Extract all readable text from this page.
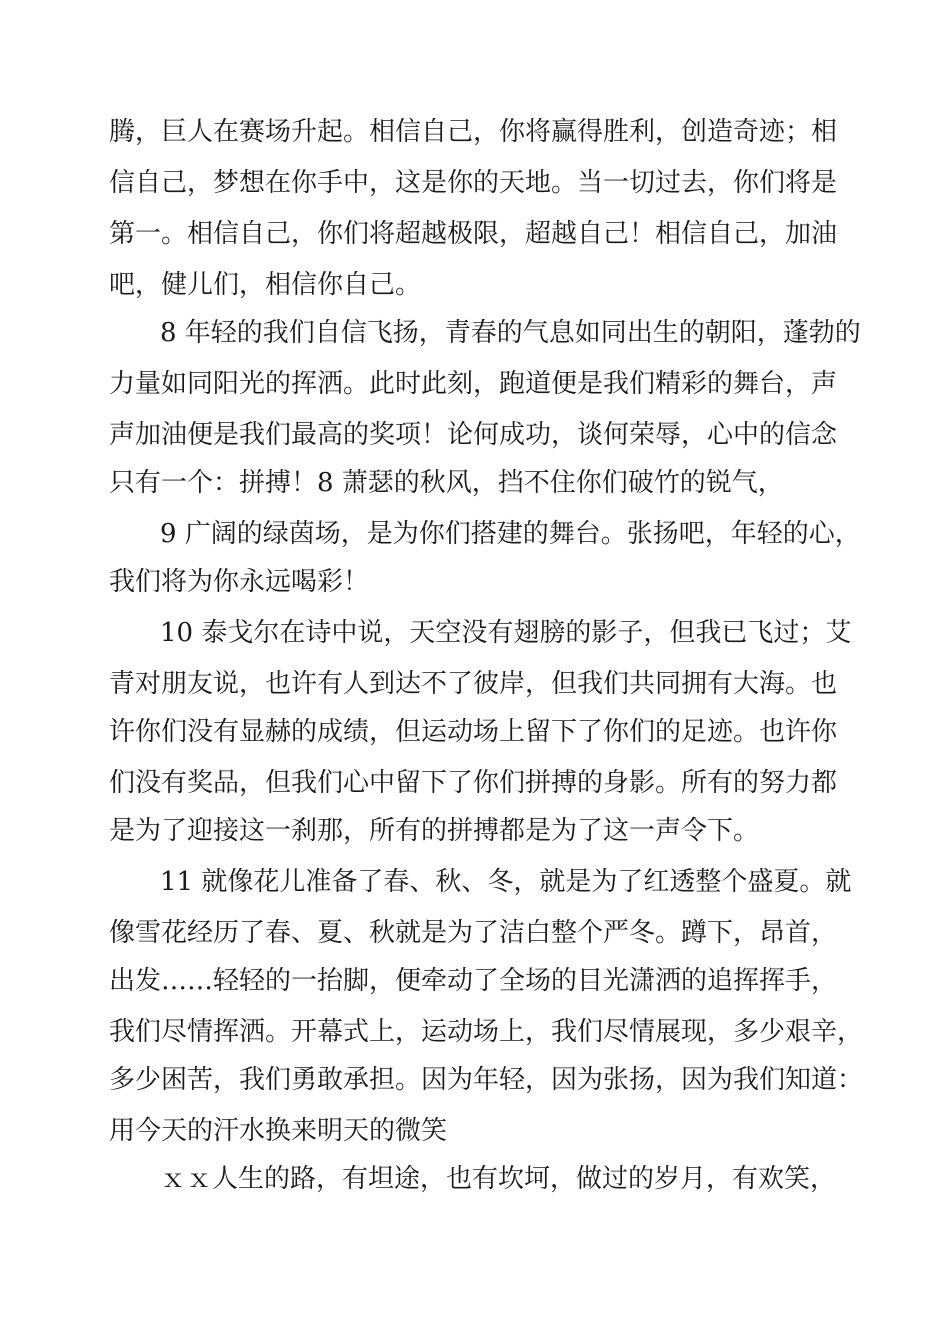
腾，巨人在赛场升起。相信自己，你将赢得胜利，创造奇迹；相
信自己，梦想在你手中，这是你的天地。当一切过去，你们将是
第一。相信自己，你们将超越极限，超越自己！相信自己，加油
吧，健儿们，相信你自己。
8 年轻的我们自信飞扬，青春的气息如同出生的朝阳，蓬勃的
力量如同阳光的挥洒。此时此刻，跑道便是我们精彩的舞台，声
声加油便是我们最高的奖项！论何成功，谈何荣辱，心中的信念
只有一个：拼搏！8 萧瑟的秋风，挡不住你们破竹的锐气，
9 广阔的绿茵场，是为你们搭建的舞台。张扬吧，年轻的心，
我们将为你永远喝彩！
10 泰戈尔在诗中说，天空没有翅膀的影子，但我已飞过；艾
青对朋友说，也许有人到达不了彼岸，但我们共同拥有大海。也
许你们没有显赫的成绩，但运动场上留下了你们的足迹。也许你
们没有奖品，但我们心中留下了你们拼搏的身影。所有的努力都
是为了迎接这一刹那，所有的拼搏都是为了这一声令下。
11 就像花儿准备了春、秋、冬，就是为了红透整个盛夏。就
像雪花经历了春、夏、秋就是为了洁白整个严冬。蹲下，昂首，
出发……轻轻的一抬脚，便牵动了全场的目光潇洒的追挥挥手，
我们尽情挥洒。开幕式上，运动场上，我们尽情展现，多少艰辛，
多少困苦，我们勇敢承担。因为年轻，因为张扬，因为我们知道：
用今天的汗水换来明天的微笑
ｘｘ人生的路，有坦途，也有坎坷，做过的岁月，有欢笑，
